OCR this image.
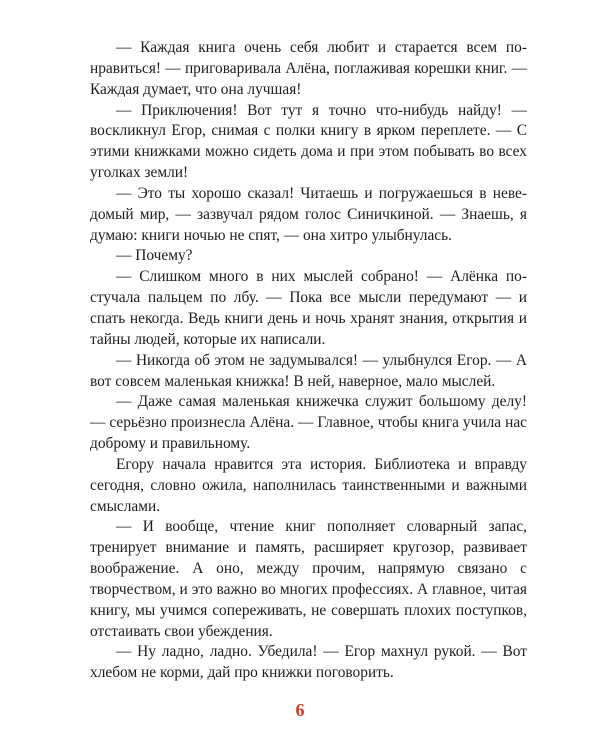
— Каждая книга очень себя любит и старается всем понравиться! — приговаривала Алёна, поглаживая корешки книг. — Каждая думает, что она лучшая!

— Приключения! Вот тут я точно что-нибудь найду! — воскликнул Егор, снимая с полки книгу в ярком переплете. — С этими книжками можно сидеть дома и при этом побывать во всех уголках земли!

— Это ты хорошо сказал! Читаешь и погружаешься в неведомый мир, — зазвучал рядом голос Синичкиной. — Знаешь, я думаю: книги ночью не спят, — она хитро улыбнулась.

— Почему?

— Слишком много в них мыслей собрано! — Алёнка постучала пальцем по лбу. — Пока все мысли передумают — и спать некогда. Ведь книги день и ночь хранят знания, открытия и тайны людей, которые их написали.

— Никогда об этом не задумывался! — улыбнулся Егор. — А вот совсем маленькая книжка! В ней, наверное, мало мыслей.

— Даже самая маленькая книжечка служит большому делу! — серьёзно произнесла Алёна. — Главное, чтобы книга учила нас доброму и правильному.

Егору начала нравится эта история. Библиотека и вправду сегодня, словно ожила, наполнилась таинственными и важными смыслами.

— И вообще, чтение книг пополняет словарный запас, тренирует внимание и память, расширяет кругозор, развивает воображение. А оно, между прочим, напрямую связано с творчеством, и это важно во многих профессиях. А главное, читая книгу, мы учимся сопереживать, не совершать плохих поступков, отстаивать свои убеждения.

— Ну ладно, ладно. Убедила! — Егор махнул рукой. — Вот хлебом не корми, дай про книжки поговорить.

6
